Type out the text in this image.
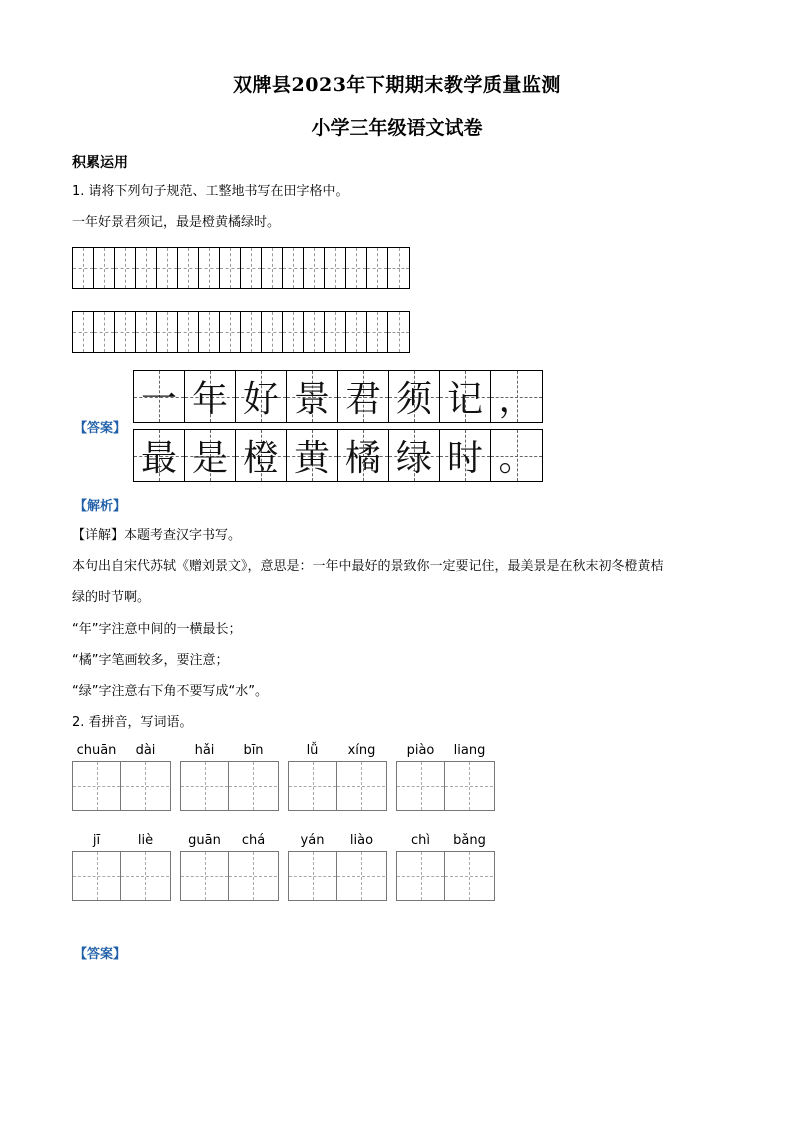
双牌县2023年下期期末教学质量监测
小学三年级语文试卷
积累运用
1. 请将下列句子规范、工整地书写在田字格中。
一年好景君须记，最是橙黄橘绿时。
【答案】
一 年 好 景 君 须 记 ，
最 是 橙 黄 橘 绿 时 。
【解析】
【详解】本题考查汉字书写。
本句出自宋代苏轼《赠刘景文》，意思是：一年中最好的景致你一定要记住，最美景是在秋末初冬橙黄桔
绿的时节啊。
“年”字注意中间的一横最长；
“橘”字笔画较多，要注意；
“绿”字注意右下角不要写成“水”。
2. 看拼音，写词语。
chuān	dài	hǎi	bīn	lǚ	xíng	piào	liang
jī	liè	guān	chá	yán	liào	chì	bǎng
【答案】
